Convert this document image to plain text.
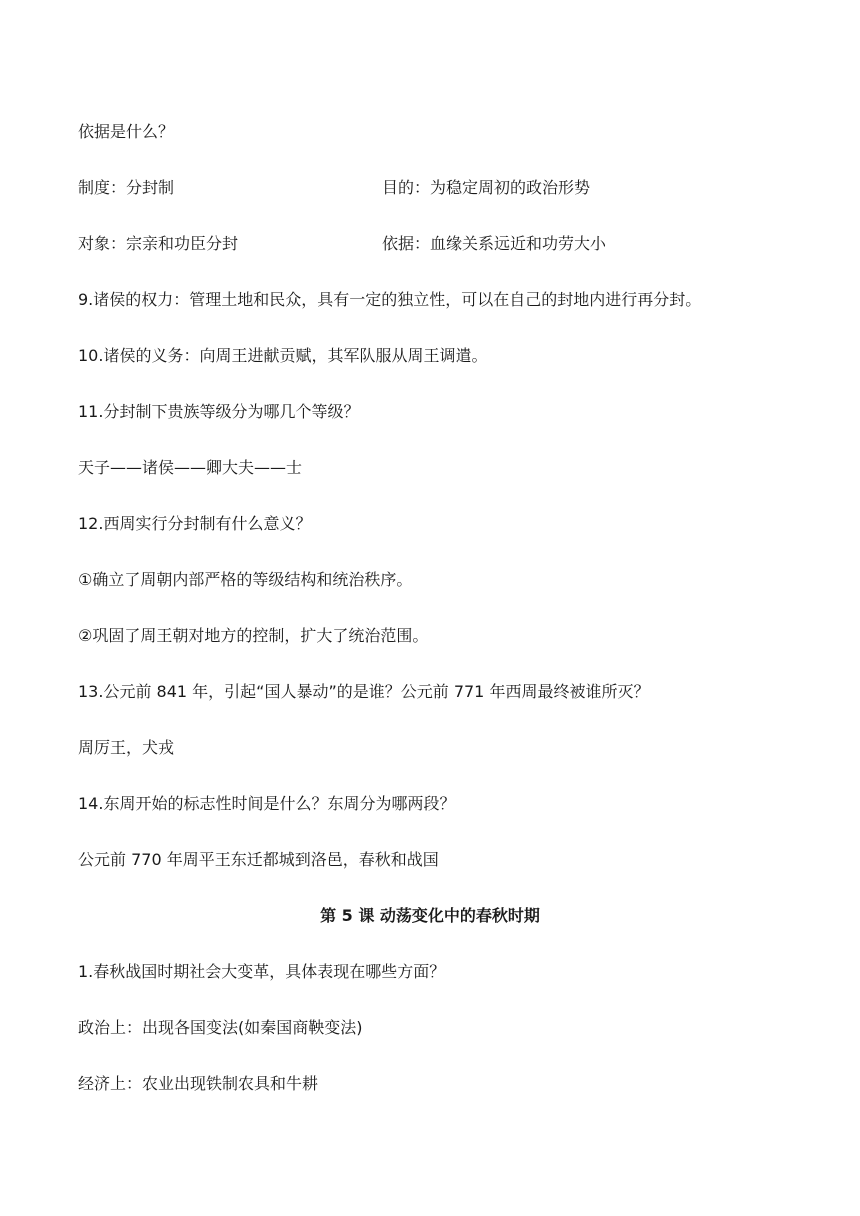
依据是什么？
制度：分封制	目的：为稳定周初的政治形势
对象：宗亲和功臣分封	依据：血缘关系远近和功劳大小
9.诸侯的权力：管理土地和民众，具有一定的独立性，可以在自己的封地内进行再分封。
10.诸侯的义务：向周王进献贡赋，其军队服从周王调遣。
11.分封制下贵族等级分为哪几个等级？
天子——诸侯——卿大夫——士
12.西周实行分封制有什么意义？
①确立了周朝内部严格的等级结构和统治秩序。
②巩固了周王朝对地方的控制，扩大了统治范围。
13.公元前 841 年，引起“国人暴动”的是谁？公元前 771 年西周最终被谁所灭？
周厉王，犬戎
14.东周开始的标志性时间是什么？东周分为哪两段？
公元前 770 年周平王东迁都城到洛邑，春秋和战国
第 5 课 动荡变化中的春秋时期
1.春秋战国时期社会大变革，具体表现在哪些方面？
政治上：出现各国变法(如秦国商鞅变法)
经济上：农业出现铁制农具和牛耕
